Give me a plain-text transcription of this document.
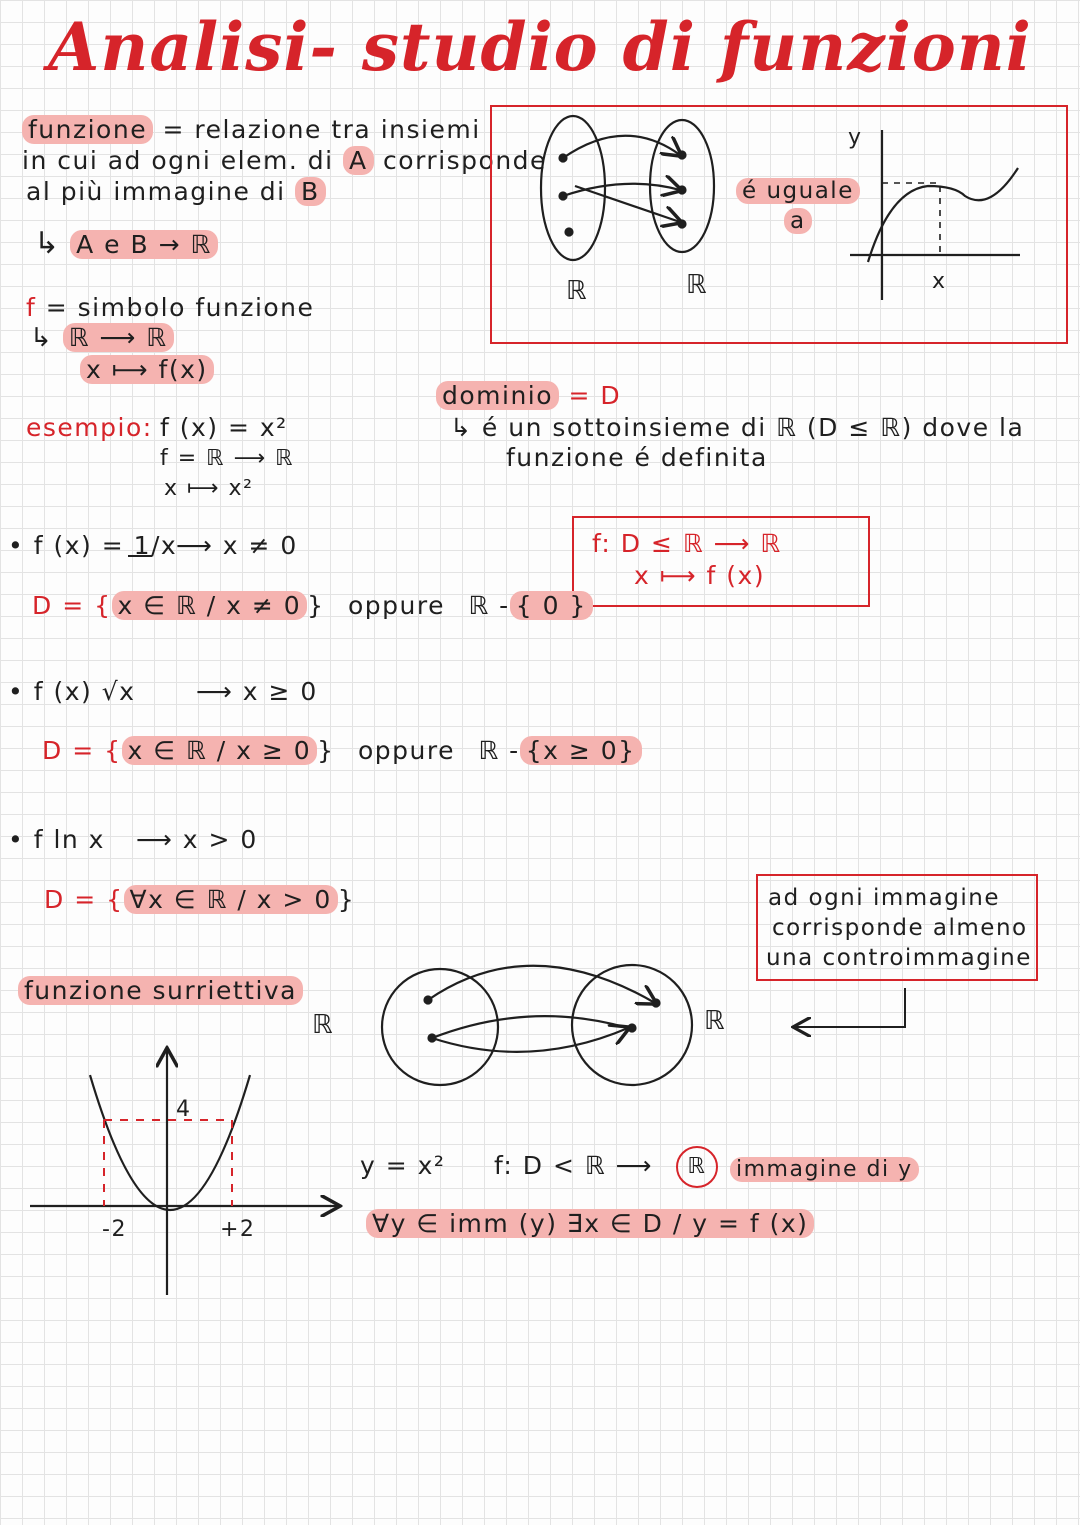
Analisi- studio di funzioni
funzione = relazione tra insiemi
in cui ad ogni elem. di A corrisponde
al più immagine di B
↳ A e B → ℝ
f = simbolo funzione
↳ ℝ ⟶ ℝ
x ⟼ f(x)
ℝ	ℝ
é uguale
a
y
x
esempio: f (x) = x²
f = ℝ ⟶ ℝ
x ⟼ x²
dominio = D
↳ é un sottoinsieme di ℝ (D ≤ ℝ) dove la
funzione é definita
f: D ≤ ℝ ⟶ ℝ
x ⟼ f (x)
• f (x) = 1/x
⟶ x ≠ 0
D = { x ∈ ℝ / x ≠ 0 } oppure ℝ - { 0 }
• f (x) √x ⟶ x ≥ 0
D = { x ∈ ℝ / x ≥ 0 } oppure ℝ - {x ≥ 0}
• f ln x ⟶ x > 0
D = { ∀x ∈ ℝ / x > 0 }	ad ogni immagine
corrisponde almeno
una controimmagine
funzione surriettiva
ℝ	ℝ
4
-2	+2
y = x² f: D < ℝ ⟶	ℝ	immagine di y
∀y ∈ imm (y) ∃x ∈ D / y = f (x)
